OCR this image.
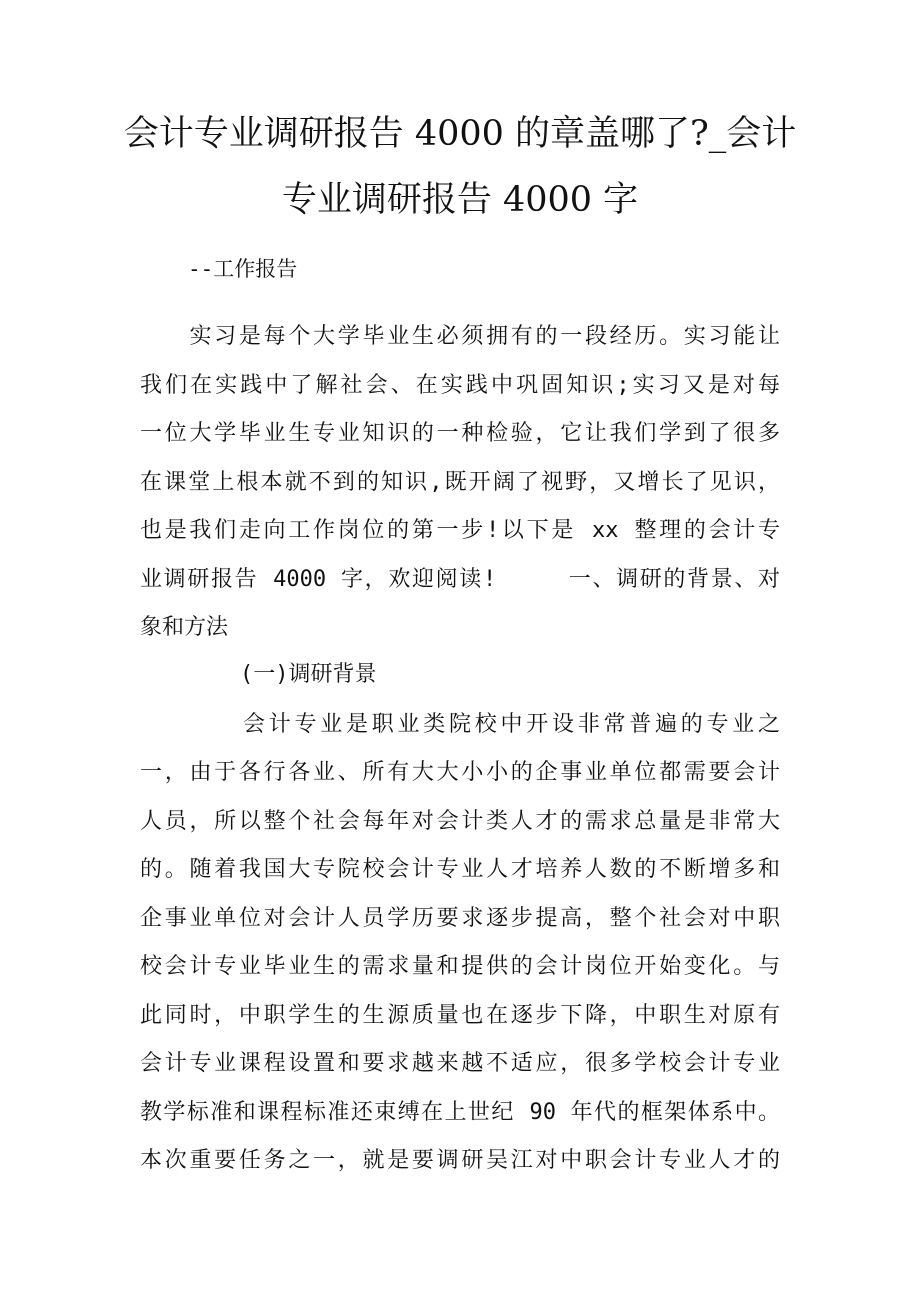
会计专业调研报告 4000 的章盖哪了?_会计
专业调研报告 4000 字
--工作报告
　　实习是每个大学毕业生必须拥有的一段经历。实习能让
我们在实践中了解社会、在实践中巩固知识;实习又是对每
一位大学毕业生专业知识的一种检验，它让我们学到了很多
在课堂上根本就不到的知识,既开阔了视野，又增长了见识，
也是我们走向工作岗位的第一步!以下是 xx 整理的会计专
业调研报告 4000 字，欢迎阅读!　　　一、调研的背景、对
象和方法
(一)调研背景
　　　　会计专业是职业类院校中开设非常普遍的专业之
一，由于各行各业、所有大大小小的企事业单位都需要会计
人员，所以整个社会每年对会计类人才的需求总量是非常大
的。随着我国大专院校会计专业人才培养人数的不断增多和
企事业单位对会计人员学历要求逐步提高，整个社会对中职
校会计专业毕业生的需求量和提供的会计岗位开始变化。与
此同时，中职学生的生源质量也在逐步下降，中职生对原有
会计专业课程设置和要求越来越不适应，很多学校会计专业
教学标准和课程标准还束缚在上世纪 90 年代的框架体系中。
本次重要任务之一，就是要调研吴江对中职会计专业人才的
